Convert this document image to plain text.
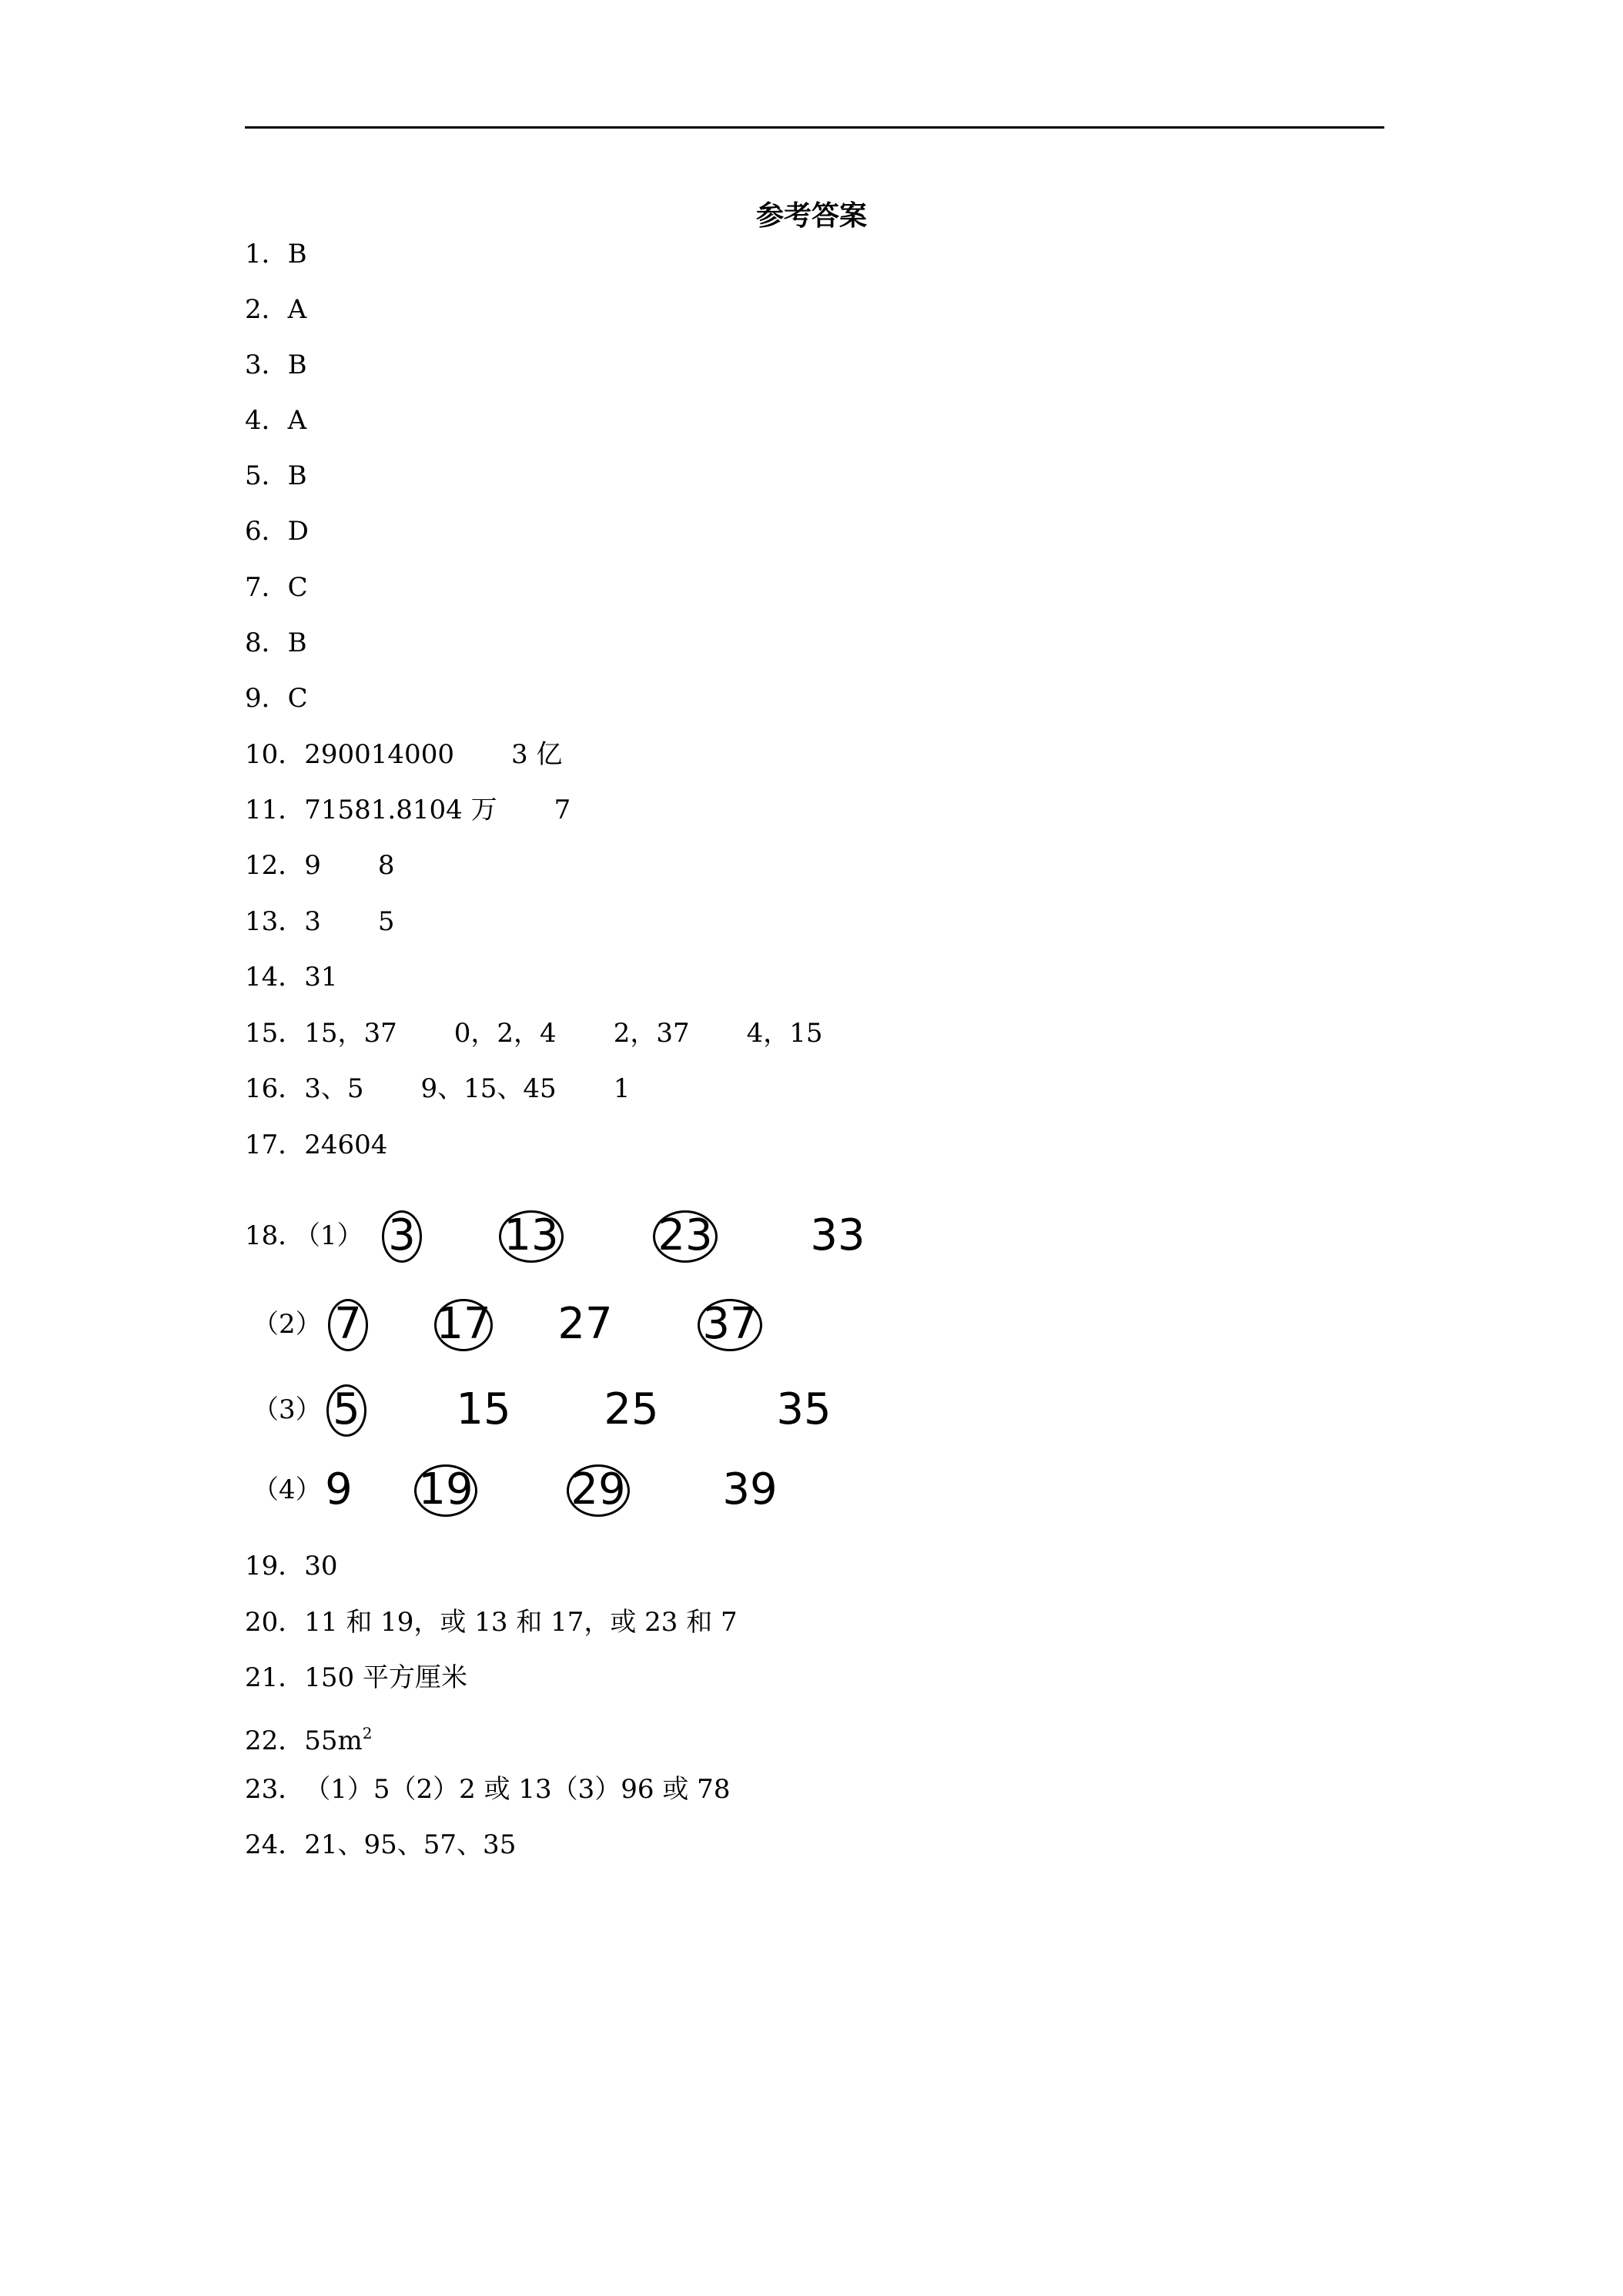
参考答案
1．B
2．A
3．B
4．A
5．B
6．D
7．C
8．B
9．C
10．290014000 3 亿
11．71581.8104 万 7
12．9 8
13．3 5
14．31
15．15，37 0，2，4 2，37 4，15
16．3、5 9、15、45 1
17．24604
18．
（1） 3 13 23 33
（2） 7 17 27 37
（3） 5 15 25	35
（4） 9 19 29 39
19．30
20．11 和 19，或 13 和 17，或 23 和 7
21．150 平方厘米
22．$55m^2$
23．（1）5（2）2 或 13（3）96 或 78
24．21、95、57、35
